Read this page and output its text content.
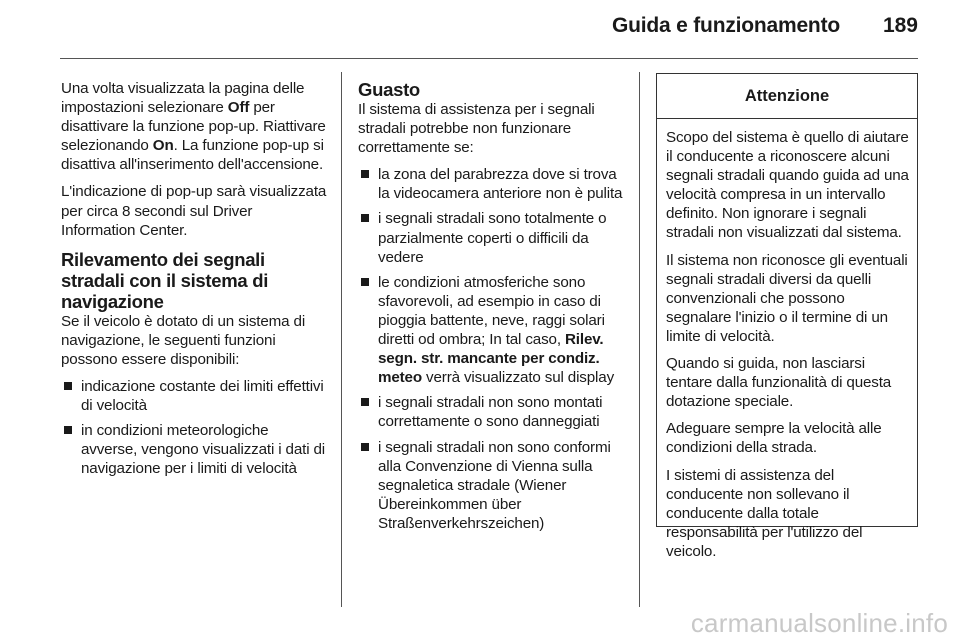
Guida e funzionamento 189

Una volta visualizzata la pagina delle impostazioni selezionare Off per disattivare la funzione pop-up. Riattivare selezionando On. La funzione pop-up si disattiva all'inserimento dell'accensione.

L'indicazione di pop-up sarà visualizzata per circa 8 secondi sul Driver Information Center.

Rilevamento dei segnali stradali con il sistema di navigazione

Se il veicolo è dotato di un sistema di navigazione, le seguenti funzioni possono essere disponibili:

indicazione costante dei limiti effettivi di velocità
in condizioni meteorologiche avverse, vengono visualizzati i dati di navigazione per i limiti di velocità
Guasto

Il sistema di assistenza per i segnali stradali potrebbe non funzionare correttamente se:

la zona del parabrezza dove si trova la videocamera anteriore non è pulita
i segnali stradali sono totalmente o parzialmente coperti o difficili da vedere
le condizioni atmosferiche sono sfavorevoli, ad esempio in caso di pioggia battente, neve, raggi solari diretti od ombra; In tal caso, Rilev. segn. str. mancante per condiz. meteo verrà visualizzato sul display
i segnali stradali non sono montati correttamente o sono danneggiati
i segnali stradali non sono conformi alla Convenzione di Vienna sulla segnaletica stradale (Wiener Übereinkommen über Straßenverkehrszeichen)
Attenzione

Scopo del sistema è quello di aiutare il conducente a riconoscere alcuni segnali stradali quando guida ad una velocità compresa in un intervallo definito. Non ignorare i segnali stradali non visualizzati dal sistema.

Il sistema non riconosce gli eventuali segnali stradali diversi da quelli convenzionali che possono segnalare l'inizio o il termine di un limite di velocità.

Quando si guida, non lasciarsi tentare dalla funzionalità di questa dotazione speciale.

Adeguare sempre la velocità alle condizioni della strada.

I sistemi di assistenza del conducente non sollevano il conducente dalla totale responsabilità per l'utilizzo del veicolo.

carmanualsonline.info
